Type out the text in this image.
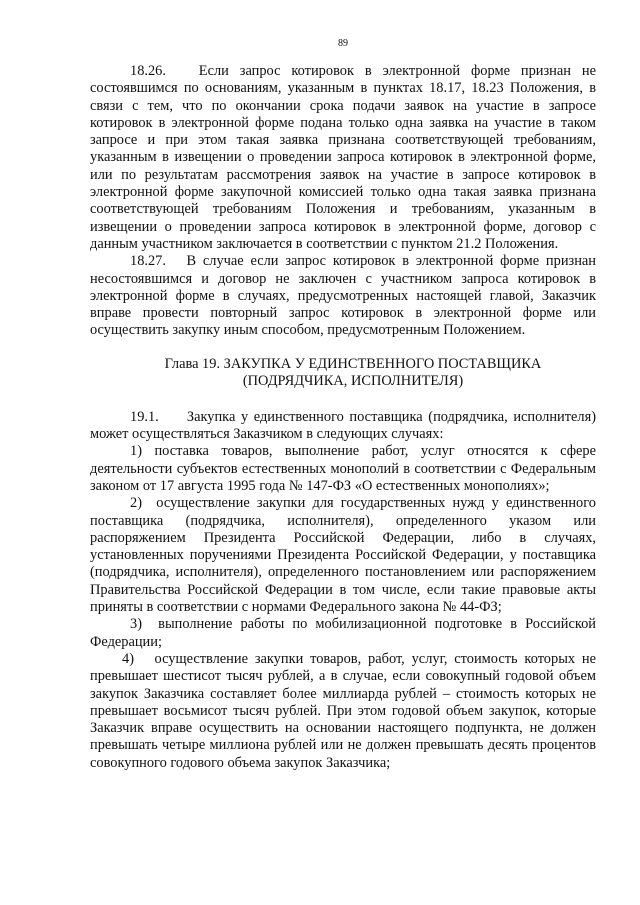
89

18.26.   Если запрос котировок в электронной форме признан не состоявшимся по основаниям, указанным в пунктах 18.17, 18.23 Положения, в связи с тем, что по окончании срока подачи заявок на участие в запросе котировок в электронной форме подана только одна заявка на участие в таком запросе и при этом такая заявка признана соответствующей требованиям, указанным в извещении о проведении запроса котировок в электронной форме, или по результатам рассмотрения заявок на участие в запросе котировок в электронной форме закупочной комиссией только одна такая заявка признана соответствующей требованиям Положения и требованиям, указанным в извещении о проведении запроса котировок в электронной форме, договор с данным участником заключается в соответствии с пунктом 21.2 Положения.

18.27.   В случае если запрос котировок в электронной форме признан несостоявшимся и договор не заключен с участником запроса котировок в электронной форме в случаях, предусмотренных настоящей главой, Заказчик вправе провести повторный запрос котировок в электронной форме или осуществить закупку иным способом, предусмотренным Положением.

Глава 19. ЗАКУПКА У ЕДИНСТВЕННОГО ПОСТАВЩИКА
(ПОДРЯДЧИКА, ИСПОЛНИТЕЛЯ)

19.1.     Закупка у единственного поставщика (подрядчика, исполнителя) может осуществляться Заказчиком в следующих случаях:

1) поставка товаров, выполнение работ, услуг относятся к сфере деятельности субъектов естественных монополий в соответствии с Федеральным законом от 17 августа 1995 года № 147-ФЗ «О естественных монополиях»;

2)  осуществление закупки для государственных нужд у единственного поставщика (подрядчика, исполнителя), определенного указом или распоряжением Президента Российской Федерации, либо в случаях, установленных поручениями Президента Российской Федерации, у поставщика (подрядчика, исполнителя), определенного постановлением или распоряжением Правительства Российской Федерации в том числе, если такие правовые акты приняты в соответствии с нормами Федерального закона № 44-ФЗ;

3)  выполнение работы по мобилизационной подготовке в Российской Федерации;

4)   осуществление закупки товаров, работ, услуг, стоимость которых не превышает шестисот тысяч рублей, а в случае, если совокупный годовой объем закупок Заказчика составляет более миллиарда рублей – стоимость которых не превышает восьмисот тысяч рублей. При этом годовой объем закупок, которые Заказчик вправе осуществить на основании настоящего подпункта, не должен превышать четыре миллиона рублей или не должен превышать десять процентов совокупного годового объема закупок Заказчика;
